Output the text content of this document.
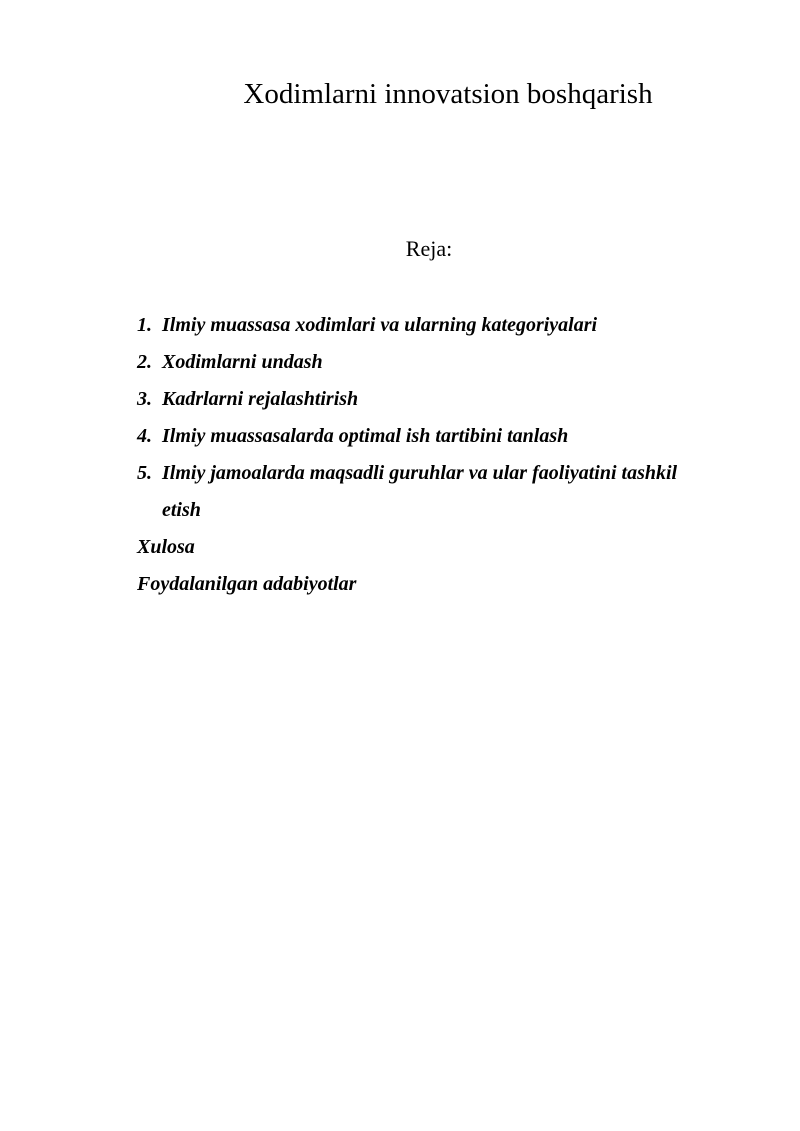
Xodimlarni innovatsion boshqarish

Reja:

1. Ilmiy muassasa xodimlari va ularning kategoriyalari
2. Xodimlarni undash
3. Kadrlarni rejalashtirish
4. Ilmiy muassasalarda optimal ish tartibini tanlash
5. Ilmiy jamoalarda maqsadli guruhlar va ular faoliyatini tashkil etish
Xulosa
Foydalanilgan adabiyotlar
